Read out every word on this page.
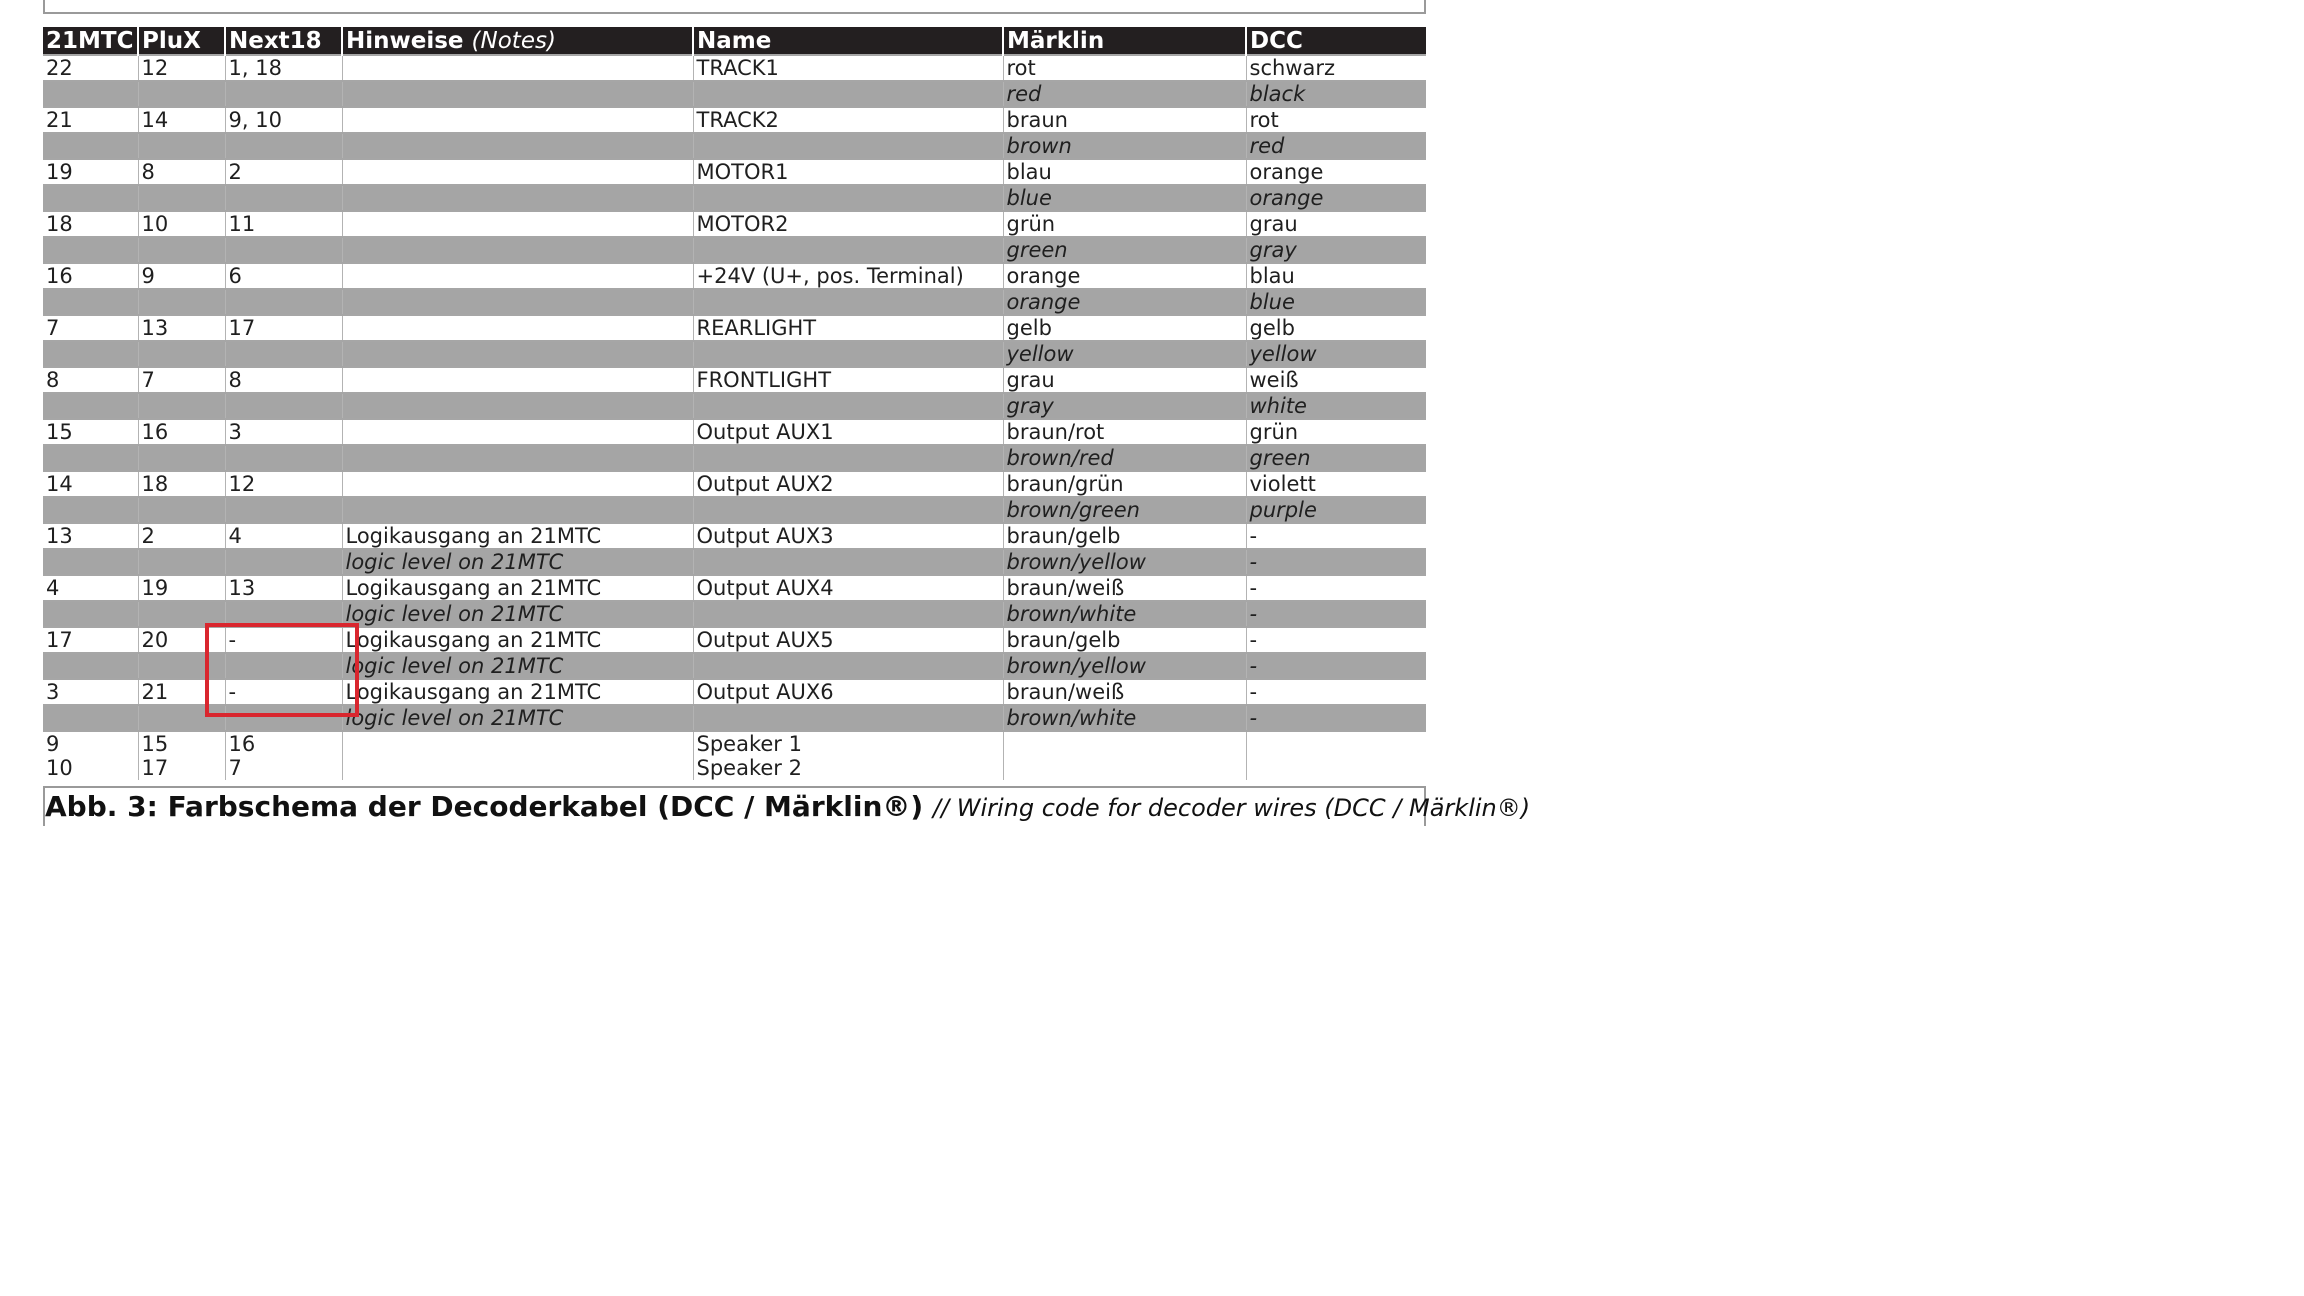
21MTC	PluX	Next18	Hinweise (Notes)	Name	Märklin	DCC
22	12	1, 18		TRACK1	rot	schwarz
					red	black
21	14	9, 10		TRACK2	braun	rot
					brown	red
19	8	2		MOTOR1	blau	orange
					blue	orange
18	10	11		MOTOR2	grün	grau
					green	gray
16	9	6		+24V (U+, pos. Terminal)	orange	blau
					orange	blue
7	13	17		REARLIGHT	gelb	gelb
					yellow	yellow
8	7	8		FRONTLIGHT	grau	weiß
					gray	white
15	16	3		Output AUX1	braun/rot	grün
					brown/red	green
14	18	12		Output AUX2	braun/grün	violett
					brown/green	purple
13	2	4	Logikausgang an 21MTC	Output AUX3	braun/gelb	-
			logic level on 21MTC		brown/yellow	-
4	19	13	Logikausgang an 21MTC	Output AUX4	braun/weiß	-
			logic level on 21MTC		brown/white	-
17	20	-	Logikausgang an 21MTC	Output AUX5	braun/gelb	-
			logic level on 21MTC		brown/yellow	-
3	21	-	Logikausgang an 21MTC	Output AUX6	braun/weiß	-
			logic level on 21MTC		brown/white	-
9	15	16		Speaker 1		
10	17	7		Speaker 2		
Abb. 3: Farbschema der Decoderkabel (DCC / Märklin®) // Wiring code for decoder wires (DCC / Märklin®)
